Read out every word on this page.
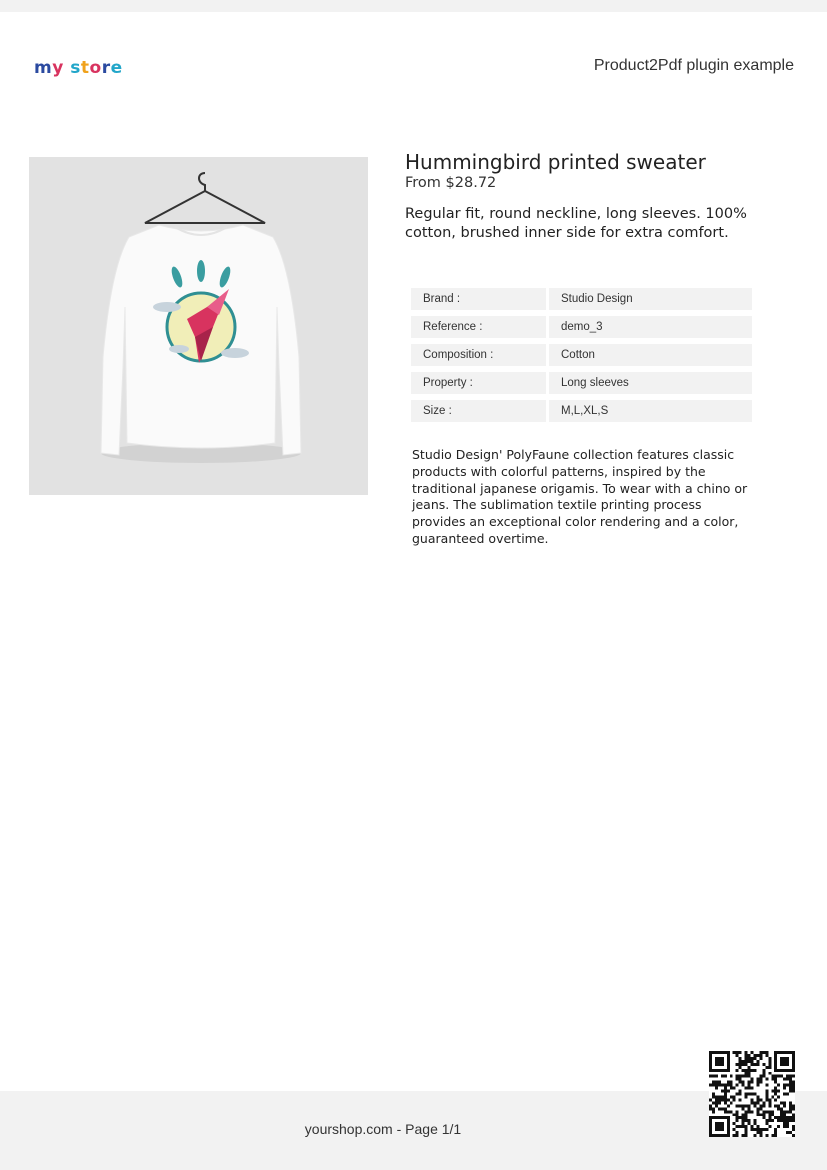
my store	Product2Pdf plugin example
Hummingbird printed sweater
From $28.72
Regular fit, round neckline, long sleeves. 100% cotton, brushed inner side for extra comfort.
Brand :	Studio Design
Reference :	demo_3
Composition :	Cotton
Property :	Long sleeves
Size :	M,L,XL,S
Studio Design' PolyFaune collection features classic products with colorful patterns, inspired by the traditional japanese origamis. To wear with a chino or jeans. The sublimation textile printing process provides an exceptional color rendering and a color, guaranteed overtime.
yourshop.com - Page 1/1
